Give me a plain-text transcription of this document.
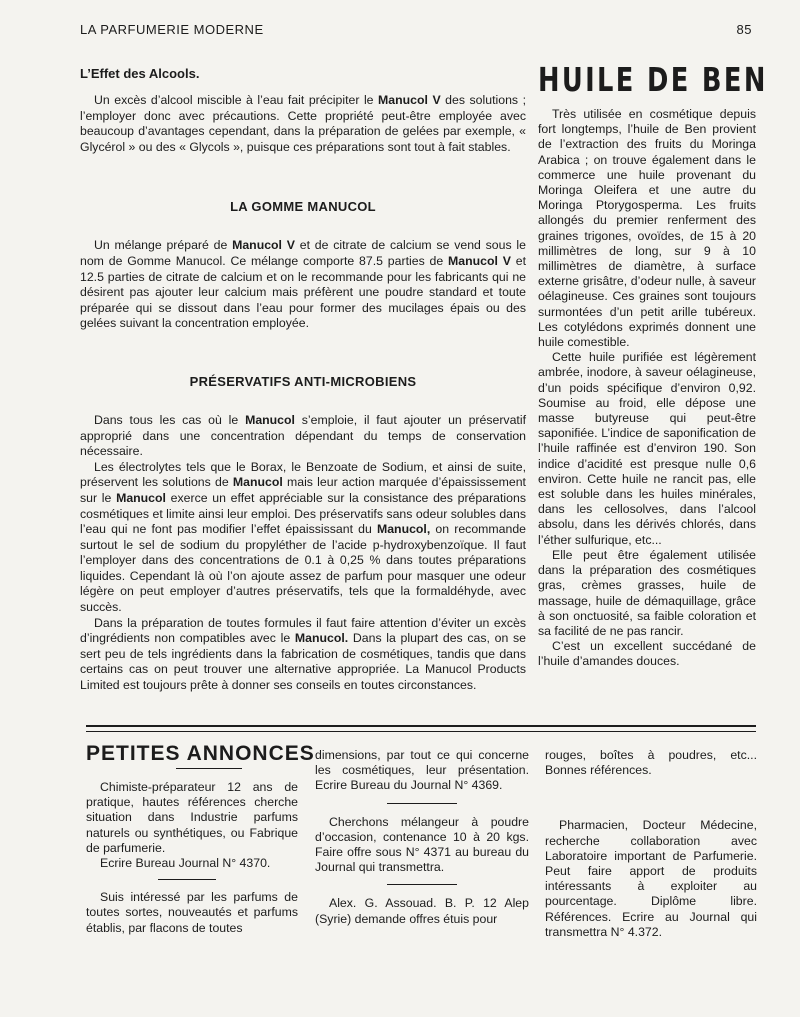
LA PARFUMERIE MODERNE	85
L’Effet des Alcools.

Un excès d’alcool miscible à l’eau fait précipiter le Manucol V des solutions ; l’employer donc avec précautions. Cette propriété peut-être employée avec beaucoup d’avantages cependant, dans la préparation de gelées par exemple, « Glycérol » ou des « Glycols », puisque ces préparations sont tout à fait stables.

LA GOMME MANUCOL

Un mélange préparé de Manucol V et de citrate de calcium se vend sous le nom de Gomme Manucol. Ce mélange comporte 87.5 parties de Manucol V et 12.5 parties de citrate de calcium et on le recommande pour les fabricants qui ne désirent pas ajouter leur calcium mais préfèrent une poudre standard et toute préparée qui se dissout dans l’eau pour former des mucilages épais ou des gelées suivant la concentration employée.

PRÉSERVATIFS ANTI-MICROBIENS

Dans tous les cas où le Manucol s’emploie, il faut ajouter un préservatif approprié dans une concentration dépendant du temps de conservation nécessaire.

Les électrolytes tels que le Borax, le Benzoate de Sodium, et ainsi de suite, préservent les solutions de Manucol mais leur action marquée d’épaississement sur le Manucol exerce un effet appréciable sur la consistance des préparations cosmétiques et limite ainsi leur emploi. Des préservatifs sans odeur solubles dans l’eau qui ne font pas modifier l’effet épaississant du Manucol, on recommande surtout le sel de sodium du propyléther de l’acide p-hydroxybenzoïque. Il faut l’employer dans des concentrations de 0.1 à 0,25 % dans toutes préparations liquides. Cependant là où l’on ajoute assez de parfum pour masquer une odeur légère on peut employer d’autres préservatifs, tels que la formaldéhyde, avec succès.

Dans la préparation de toutes formules il faut faire attention d’éviter un excès d’ingrédients non compatibles avec le Manucol. Dans la plupart des cas, on se sert peu de tels ingrédients dans la fabrication de cosmétiques, tandis que dans certains cas on peut trouver une alternative appropriée. La Manucol Products Limited est toujours prête à donner ses conseils en toutes circonstances.

HUILE DE BEN

Très utilisée en cosmétique depuis fort longtemps, l’huile de Ben provient de l’extraction des fruits du Moringa Arabica ; on trouve également dans le commerce une huile provenant du Moringa Oleifera et une autre du Moringa Ptorygosperma. Les fruits allongés du premier renferment des graines trigones, ovoïdes, de 15 à 20 millimètres de long, sur 9 à 10 millimètres de diamètre, à surface externe grisâtre, d’odeur nulle, à saveur oélagineuse. Ces graines sont toujours surmontées d’un petit arille tubéreux. Les cotylédons exprimés donnent une huile comestible.

Cette huile purifiée est légèrement ambrée, inodore, à saveur oélagineuse, d’un poids spécifique d’environ 0,92. Soumise au froid, elle dépose une masse butyreuse qui peut-être saponifiée. L’indice de saponification de l’huile raffinée est d’environ 190. Son indice d’acidité est presque nulle 0,6 environ. Cette huile ne rancit pas, elle est soluble dans les huiles minérales, dans les cellosolves, dans l’alcool absolu, dans les dérivés chlorés, dans l’éther sulfurique, etc...

Elle peut être également utilisée dans la préparation des cosmétiques gras, crèmes grasses, huile de massage, huile de démaquillage, grâce à son onctuosité, sa faible coloration et sa facilité de ne pas rancir.

C’est un excellent succédané de l’huile d’amandes douces.

PETITES ANNONCES

Chimiste-préparateur 12 ans de pratique, hautes références cherche situation dans Industrie parfums naturels ou synthétiques, ou Fabrique de parfumerie.

Ecrire Bureau Journal N° 4370.

Suis intéressé par les parfums de toutes sortes, nouveautés et parfums établis, par flacons de toutes

dimensions, par tout ce qui concerne les cosmétiques, leur présentation. Ecrire Bureau du Journal N° 4369.

Cherchons mélangeur à poudre d’occasion, contenance 10 à 20 kgs. Faire offre sous N° 4371 au bureau du Journal qui transmettra.

Alex. G. Assouad. B. P. 12 Alep (Syrie) demande offres étuis pour

rouges, boîtes à poudres, etc... Bonnes références.

Pharmacien, Docteur Médecine, recherche collaboration avec Laboratoire important de Parfumerie. Peut faire apport de produits intéressants à exploiter au pourcentage. Diplôme libre. Références. Ecrire au Journal qui transmettra N° 4.372.
